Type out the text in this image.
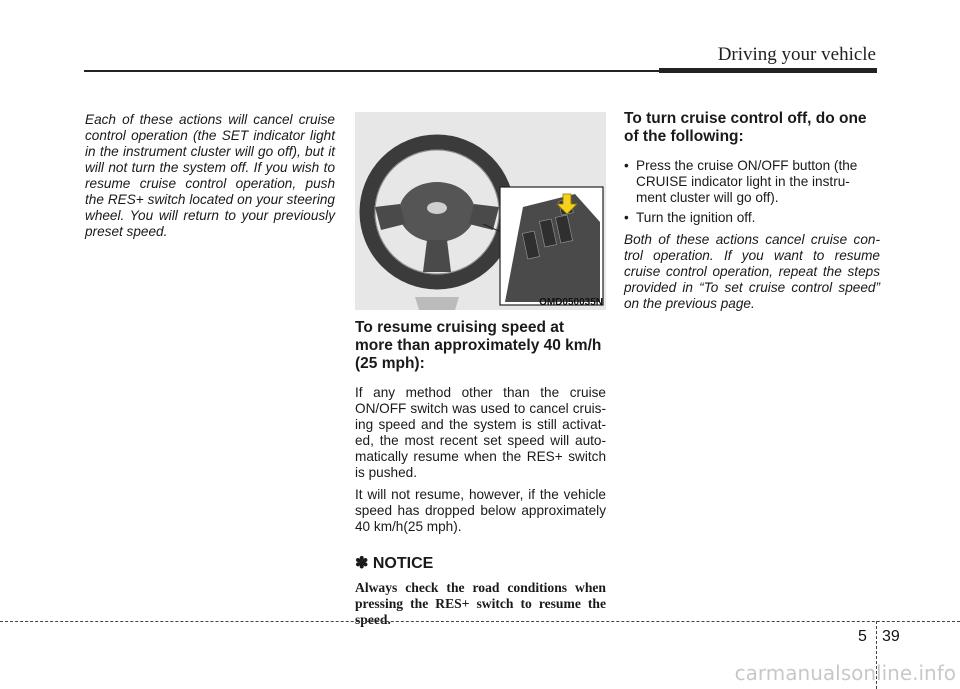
Driving your vehicle

Each of these actions will cancel cruise control operation (the SET indicator light in the instrument cluster will go off), but it will not turn the system off. If you wish to resume cruise control operation, push the RES+ switch located on your steering wheel. You will return to your previously preset speed.

OMD050035N
To resume cruising speed at more than approximately 40 km/h (25 mph):

If any method other than the cruise ON/OFF switch was used to cancel cruis-ing speed and the system is still activat-ed, the most recent set speed will auto-matically resume when the RES+ switch is pushed.

It will not resume, however, if the vehicle speed has dropped below approximately 40 km/h(25 mph).

✽ NOTICE

Always check the road conditions when pressing the RES+ switch to resume the speed.

To turn cruise control off, do one of the following:
• Press the cruise ON/OFF button (the CRUISE indicator light in the instru-ment cluster will go off).
• Turn the ignition off.

Both of these actions cancel cruise con-trol operation. If you want to resume cruise control operation, repeat the steps provided in “To set cruise control speed” on the previous page.

5 39
carmanualsonline.info
